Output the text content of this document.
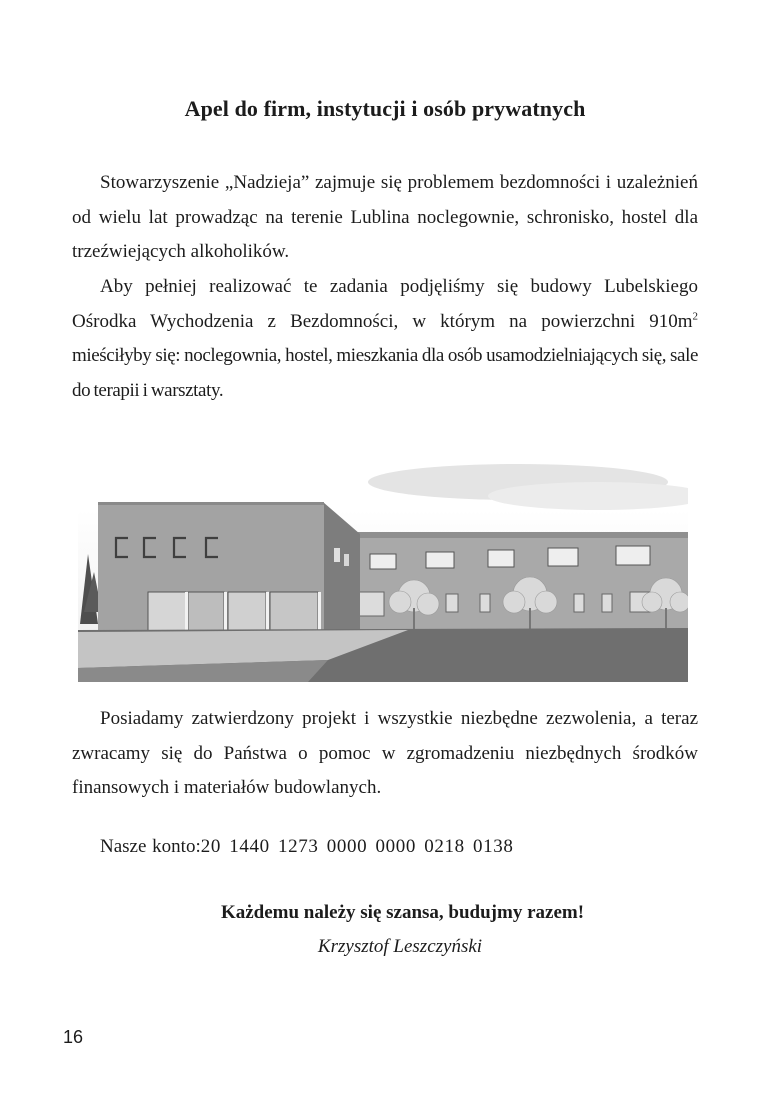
Apel do firm, instytucji i osób prywatnych

Stowarzyszenie „Nadzieja” zajmuje się problemem bezdomności i uzależnień od wielu lat prowadząc na terenie Lublina noclegownie, schronisko, hostel dla trzeźwiejących alkoholików.

Aby pełniej realizować te zadania podjęliśmy się budowy Lubelskiego Ośrodka Wychodzenia z Bezdomności, w którym na powierzchni $910m^2$ mieściłyby się: noclegownia, hostel, mieszkania dla osób usamodzielniających się, sale do terapii i warsztaty.

Posiadamy zatwierdzony projekt i wszystkie niezbędne zezwolenia, a teraz zwracamy się do Państwa o pomoc w zgromadzeniu niezbędnych środków finansowych i materiałów budowlanych.

Nasze konto:20 1440 1273 0000 0000 0218 0138
Każdemu należy się szansa, budujmy razem!
Krzysztof Leszczyński
16
